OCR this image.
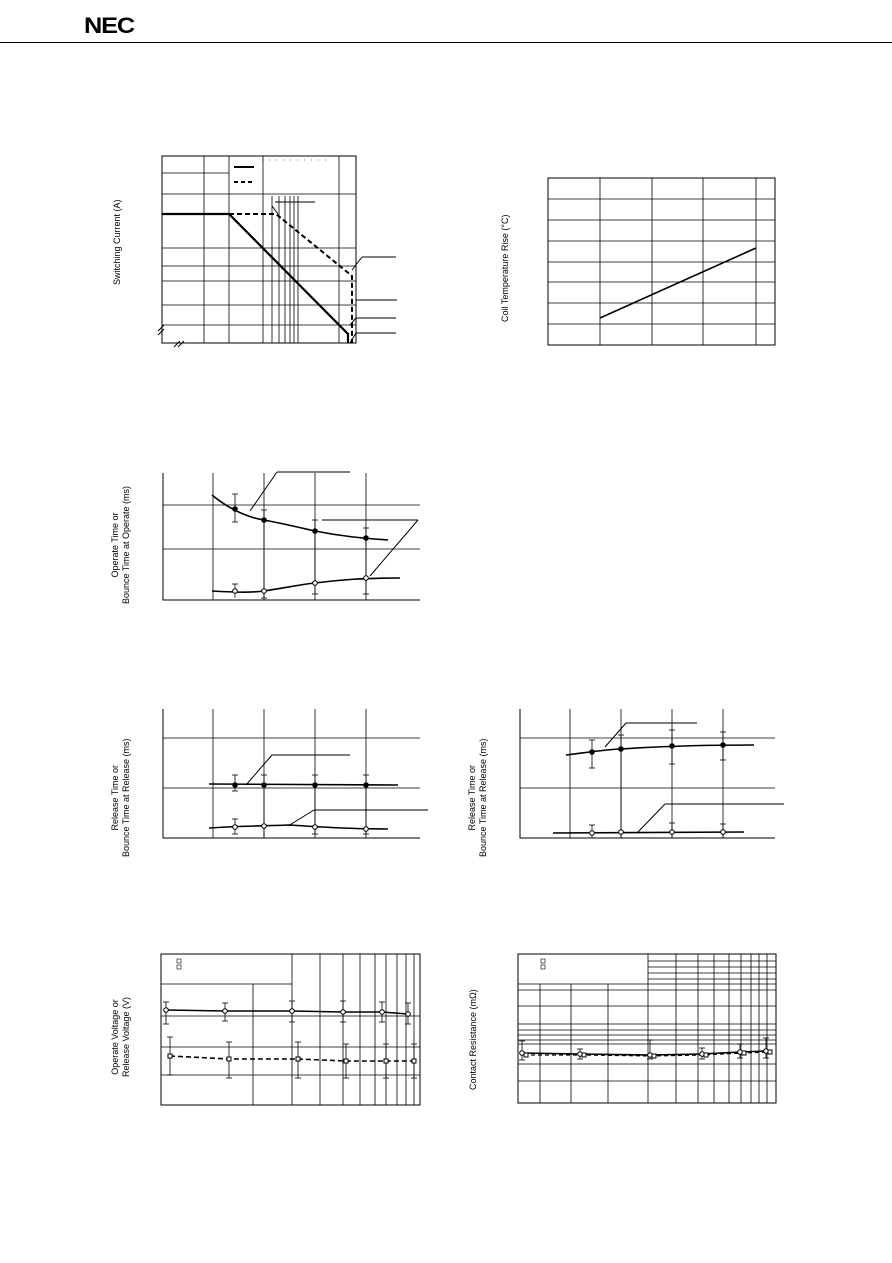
NEC
Switching Current (A)	Coil Temperature Rise (°C)
Operate Time or
Bounce Time at Operate (ms)
Release Time or
Bounce Time at Release (ms)	Release Time or
Bounce Time at Release (ms)
Operate Voltage or
Release Voltage (V)	Contact Resistance (mΩ)
